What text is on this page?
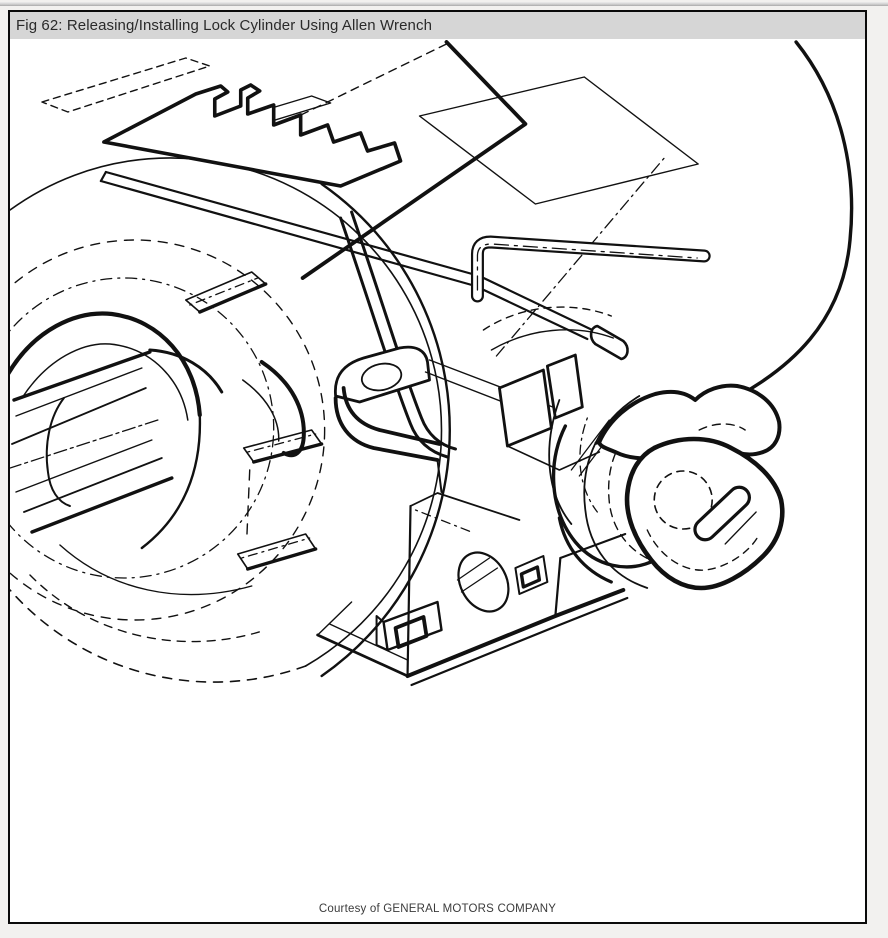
Fig 62: Releasing/Installing Lock Cylinder Using Allen Wrench
Courtesy of GENERAL MOTORS COMPANY
